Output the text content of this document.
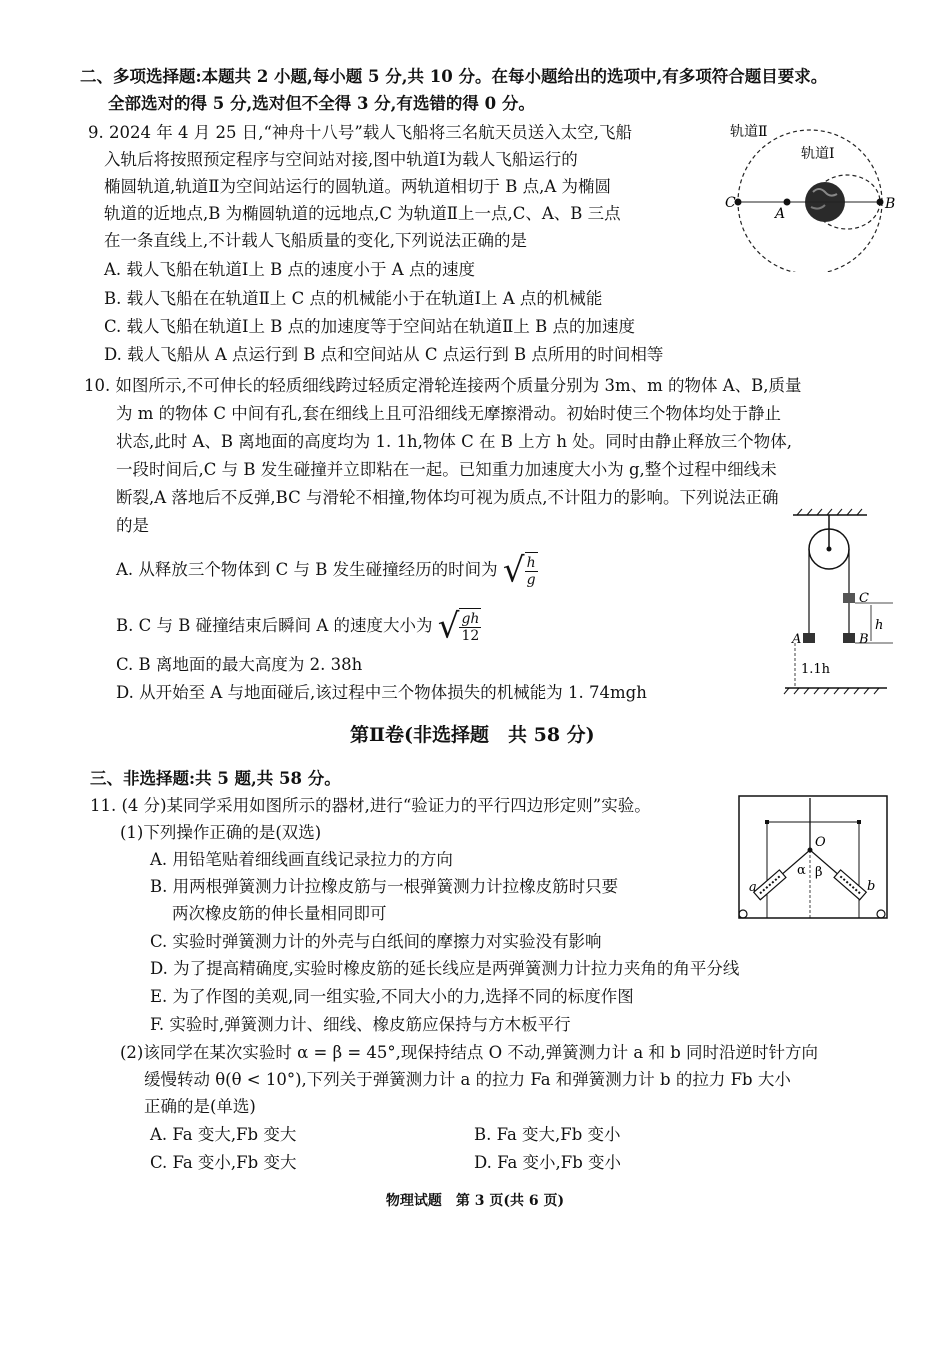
二、多项选择题:本题共 2 小题,每小题 5 分,共 10 分。在每小题给出的选项中,有多项符合题目要求。
全部选对的得 5 分,选对但不全得 3 分,有选错的得 0 分。
9. 2024 年 4 月 25 日,“神舟十八号”载人飞船将三名航天员送入太空,飞船
入轨后将按照预定程序与空间站对接,图中轨道Ⅰ为载人飞船运行的
椭圆轨道,轨道Ⅱ为空间站运行的圆轨道。两轨道相切于 B 点,A 为椭圆
轨道的近地点,B 为椭圆轨道的远地点,C 为轨道Ⅱ上一点,C、A、B 三点
在一条直线上,不计载人飞船质量的变化,下列说法正确的是
A. 载人飞船在轨道Ⅰ上 B 点的速度小于 A 点的速度
B. 载人飞船在在轨道Ⅱ上 C 点的机械能小于在轨道Ⅰ上 A 点的机械能
C. 载人飞船在轨道Ⅰ上 B 点的加速度等于空间站在轨道Ⅱ上 B 点的加速度
D. 载人飞船从 A 点运行到 B 点和空间站从 C 点运行到 B 点所用的时间相等
轨道Ⅱ
轨道Ⅰ
C
A
B
10. 如图所示,不可伸长的轻质细线跨过轻质定滑轮连接两个质量分别为 3m、m 的物体 A、B,质量
为 m 的物体 C 中间有孔,套在细线上且可沿细线无摩擦滑动。初始时使三个物体均处于静止
状态,此时 A、B 离地面的高度均为 1. 1h,物体 C 在 B 上方 h 处。同时由静止释放三个物体,
一段时间后,C 与 B 发生碰撞并立即粘在一起。已知重力加速度大小为 g,整个过程中细线未
断裂,A 落地后不反弹,BC 与滑轮不相撞,物体均可视为质点,不计阻力的影响。下列说法正确
的是
A. 从释放三个物体到 C 与 B 发生碰撞经历的时间为 √ $\frac{h}{g}$
B. C 与 B 碰撞结束后瞬间 A 的速度大小为 √ $\frac{gh}{12}$
C. B 离地面的最大高度为 2. 38h
D. 从开始至 A 与地面碰后,该过程中三个物体损失的机械能为 1. 74mgh
C
A	B
h
1.1h
第Ⅱ卷(非选择题　共 58 分)
三、非选择题:共 5 题,共 58 分。
11. (4 分)某同学采用如图所示的器材,进行“验证力的平行四边形定则”实验。
(1)下列操作正确的是(双选)
A. 用铅笔贴着细线画直线记录拉力的方向
B. 用两根弹簧测力计拉橡皮筋与一根弹簧测力计拉橡皮筋时只要
两次橡皮筋的伸长量相同即可
C. 实验时弹簧测力计的外壳与白纸间的摩擦力对实验没有影响
D. 为了提高精确度,实验时橡皮筋的延长线应是两弹簧测力计拉力夹角的角平分线
E. 为了作图的美观,同一组实验,不同大小的力,选择不同的标度作图
F. 实验时,弹簧测力计、细线、橡皮筋应保持与方木板平行
(2)该同学在某次实验时 α = β = 45°,现保持结点 O 不动,弹簧测力计 a 和 b 同时沿逆时针方向
缓慢转动 θ(θ < 10°),下列关于弹簧测力计 a 的拉力 Fa 和弹簧测力计 b 的拉力 Fb 大小
正确的是(单选)
A. Fa 变大,Fb 变大	B. Fa 变大,Fb 变小
C. Fa 变小,Fb 变大	D. Fa 变小,Fb 变小
O
α β
a	b
物理试题　第 3 页(共 6 页)
